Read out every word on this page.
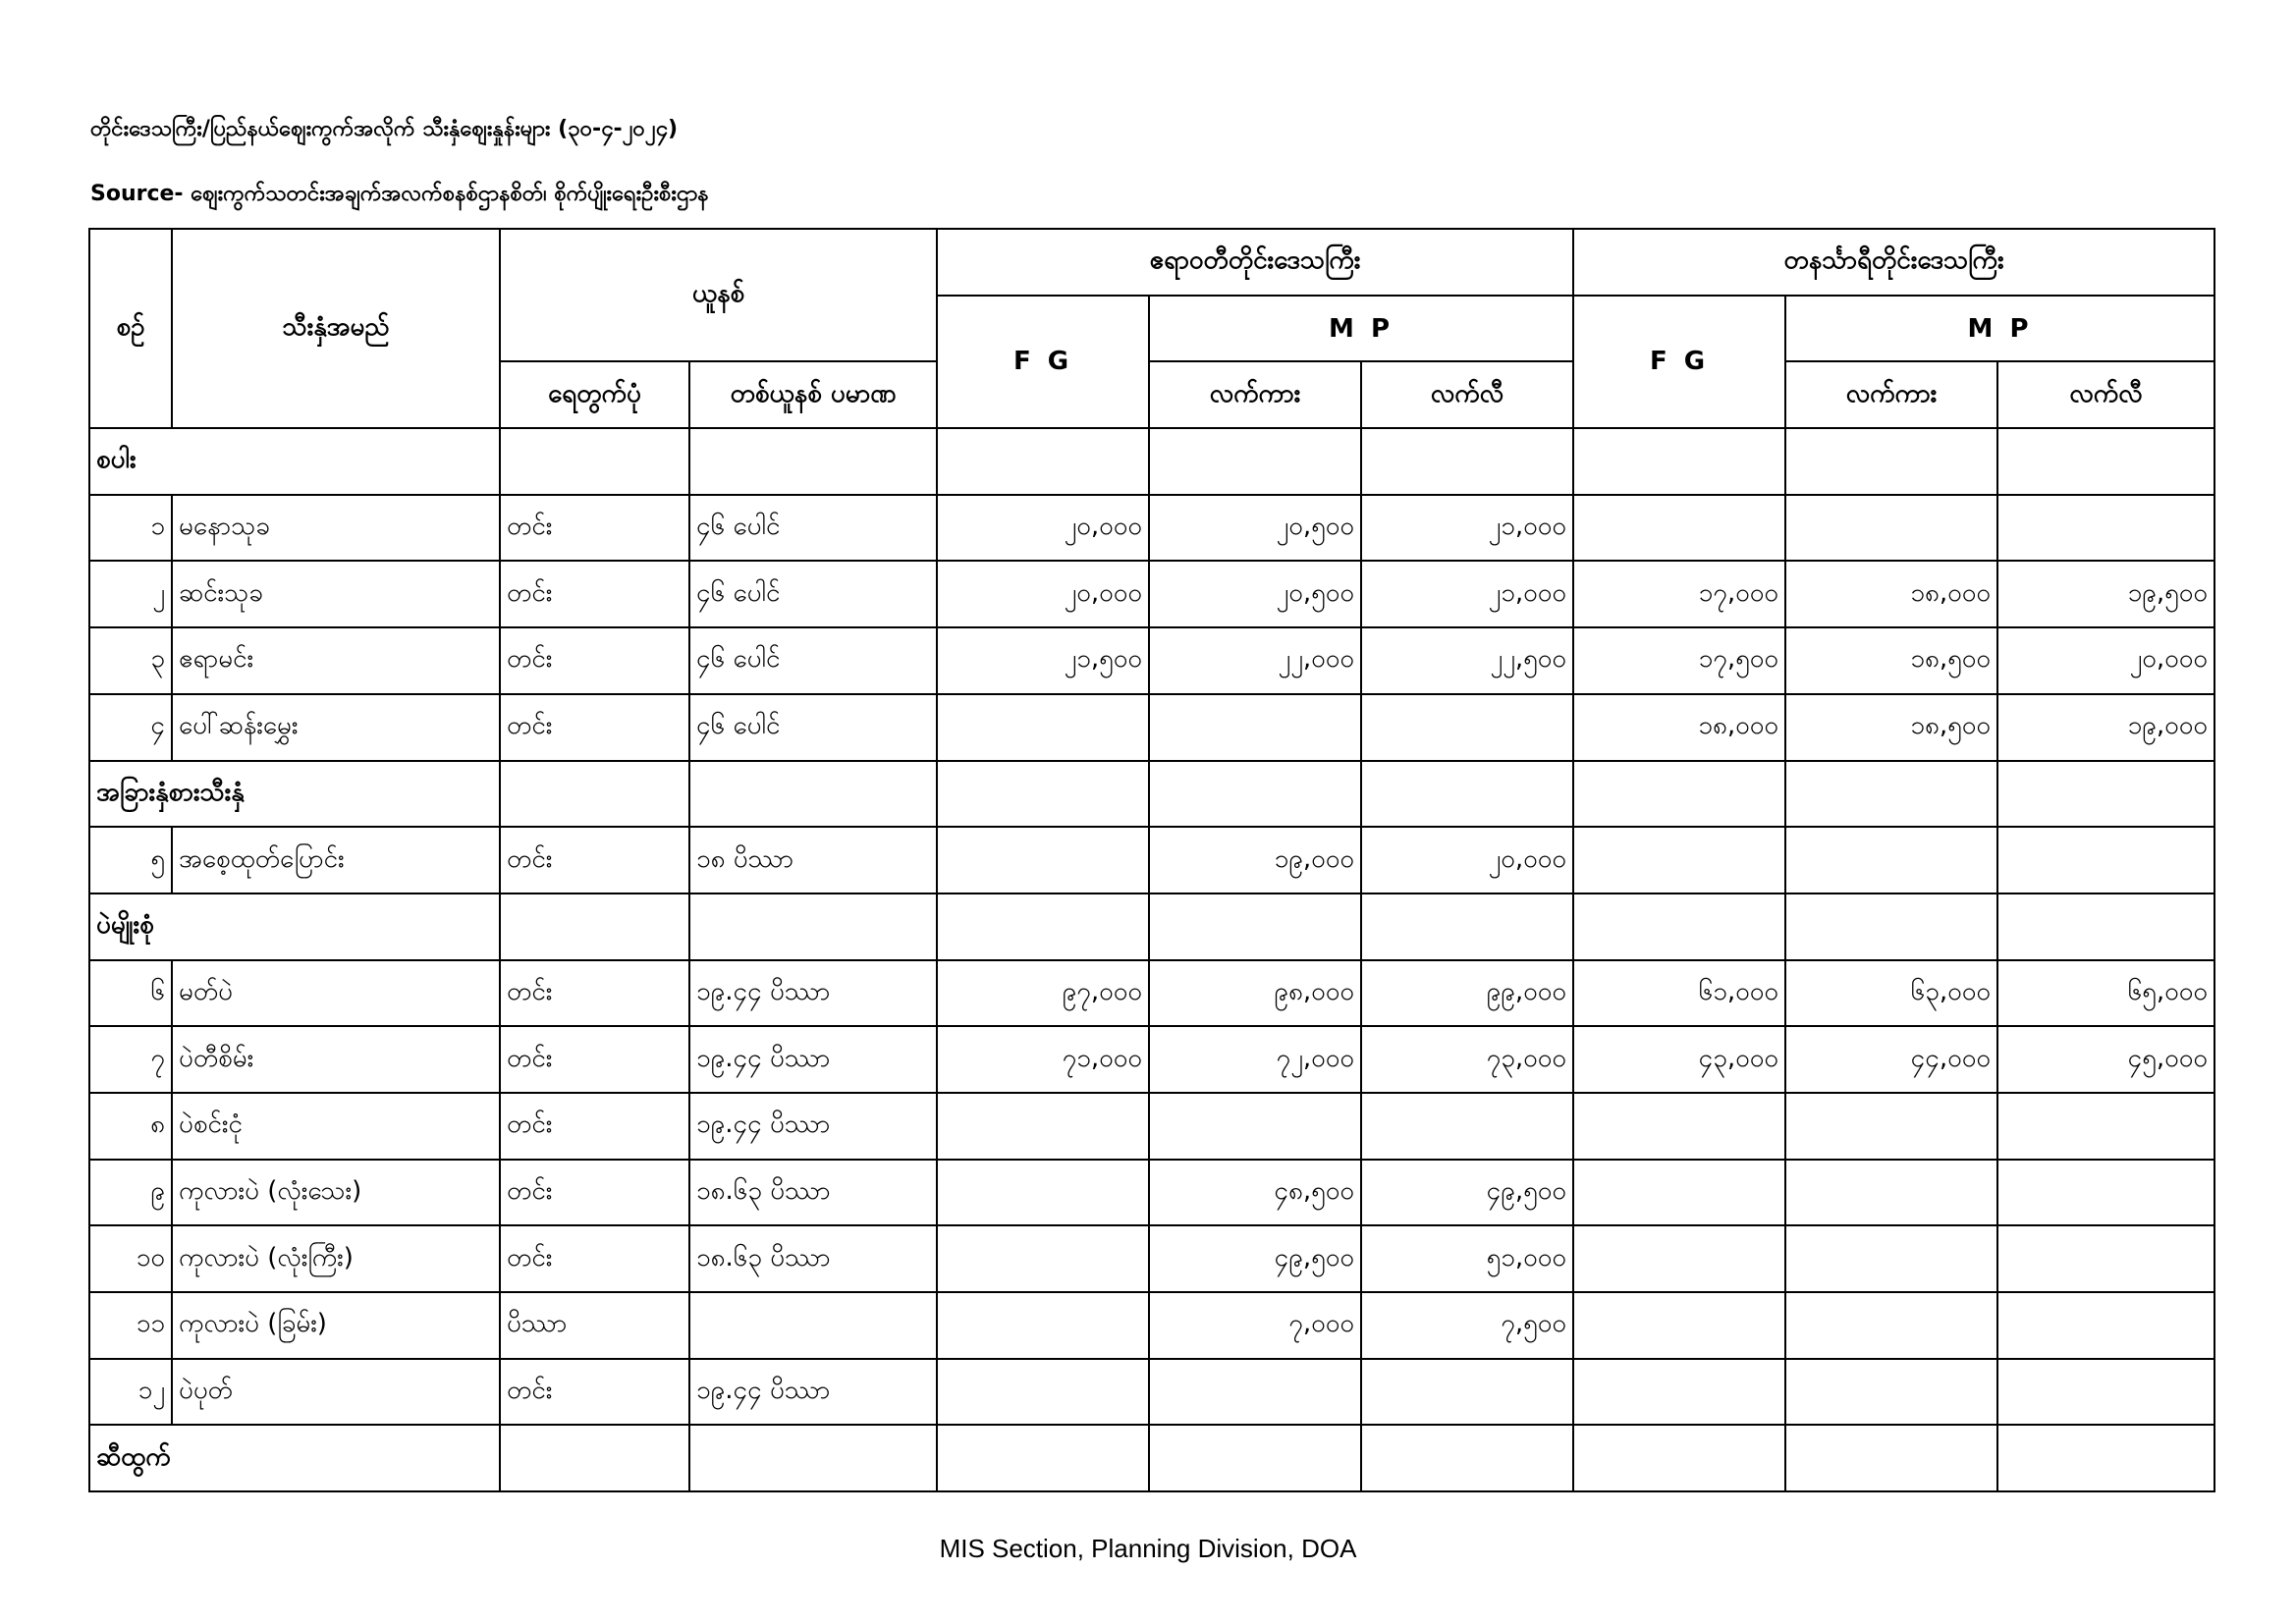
တိုင်းဒေသကြီး/ပြည်နယ်ဈေးကွက်အလိုက် သီးနှံဈေးနှုန်းများ (၃၀-၄-၂၀၂၄)
Source- ဈေးကွက်သတင်းအချက်အလက်စနစ်ဌာနစိတ်၊ စိုက်ပျိုးရေးဦးစီးဌာန
စဉ်	သီးနှံအမည်	ယူနစ်		ဧရာဝတီတိုင်းဒေသကြီး			တနင်္သာရီတိုင်းဒေသကြီး		
				F G	M P		F G	M P	
		ရေတွက်ပုံ	တစ်ယူနစ် ပမာဏ		လက်ကား	လက်လီ		လက်ကား	လက်လီ
စပါး									
၁	မနောသုခ	တင်း	၄၆ ပေါင်	၂၀,၀၀၀	၂၀,၅၀၀	၂၁,၀၀၀			
၂	ဆင်းသုခ	တင်း	၄၆ ပေါင်	၂၀,၀၀၀	၂၀,၅၀၀	၂၁,၀၀၀	၁၇,၀၀၀	၁၈,၀၀၀	၁၉,၅၀၀
၃	ဧရာမင်း	တင်း	၄၆ ပေါင်	၂၁,၅၀၀	၂၂,၀၀၀	၂၂,၅၀၀	၁၇,၅၀၀	၁၈,၅၀၀	၂၀,၀၀၀
၄	ပေါ်ဆန်းမွှေး	တင်း	၄၆ ပေါင်				၁၈,၀၀၀	၁၈,၅၀၀	၁၉,၀၀၀
အခြားနှံစားသီးနှံ									
၅	အစေ့ထုတ်ပြောင်း	တင်း	၁၈ ပိဿာ		၁၉,၀၀၀	၂၀,၀၀၀			
ပဲမျိုးစုံ									
၆	မတ်ပဲ	တင်း	၁၉.၄၄ ပိဿာ	၉၇,၀၀၀	၉၈,၀၀၀	၉၉,၀၀၀	၆၁,၀၀၀	၆၃,၀၀၀	၆၅,၀၀၀
၇	ပဲတီစိမ်း	တင်း	၁၉.၄၄ ပိဿာ	၇၁,၀၀၀	၇၂,၀၀၀	၇၃,၀၀၀	၄၃,၀၀၀	၄၄,၀၀၀	၄၅,၀၀၀
၈	ပဲစင်းငုံ	တင်း	၁၉.၄၄ ပိဿာ						
၉	ကုလားပဲ (လုံးသေး)	တင်း	၁၈.၆၃ ပိဿာ		၄၈,၅၀၀	၄၉,၅၀၀			
၁၀	ကုလားပဲ (လုံးကြီး)	တင်း	၁၈.၆၃ ပိဿာ		၄၉,၅၀၀	၅၁,၀၀၀			
၁၁	ကုလားပဲ (ခြမ်း)	ပိဿာ			၇,၀၀၀	၇,၅၀၀			
၁၂	ပဲပုတ်	တင်း	၁၉.၄၄ ပိဿာ						
ဆီထွက်									
MIS Section, Planning Division, DOA
